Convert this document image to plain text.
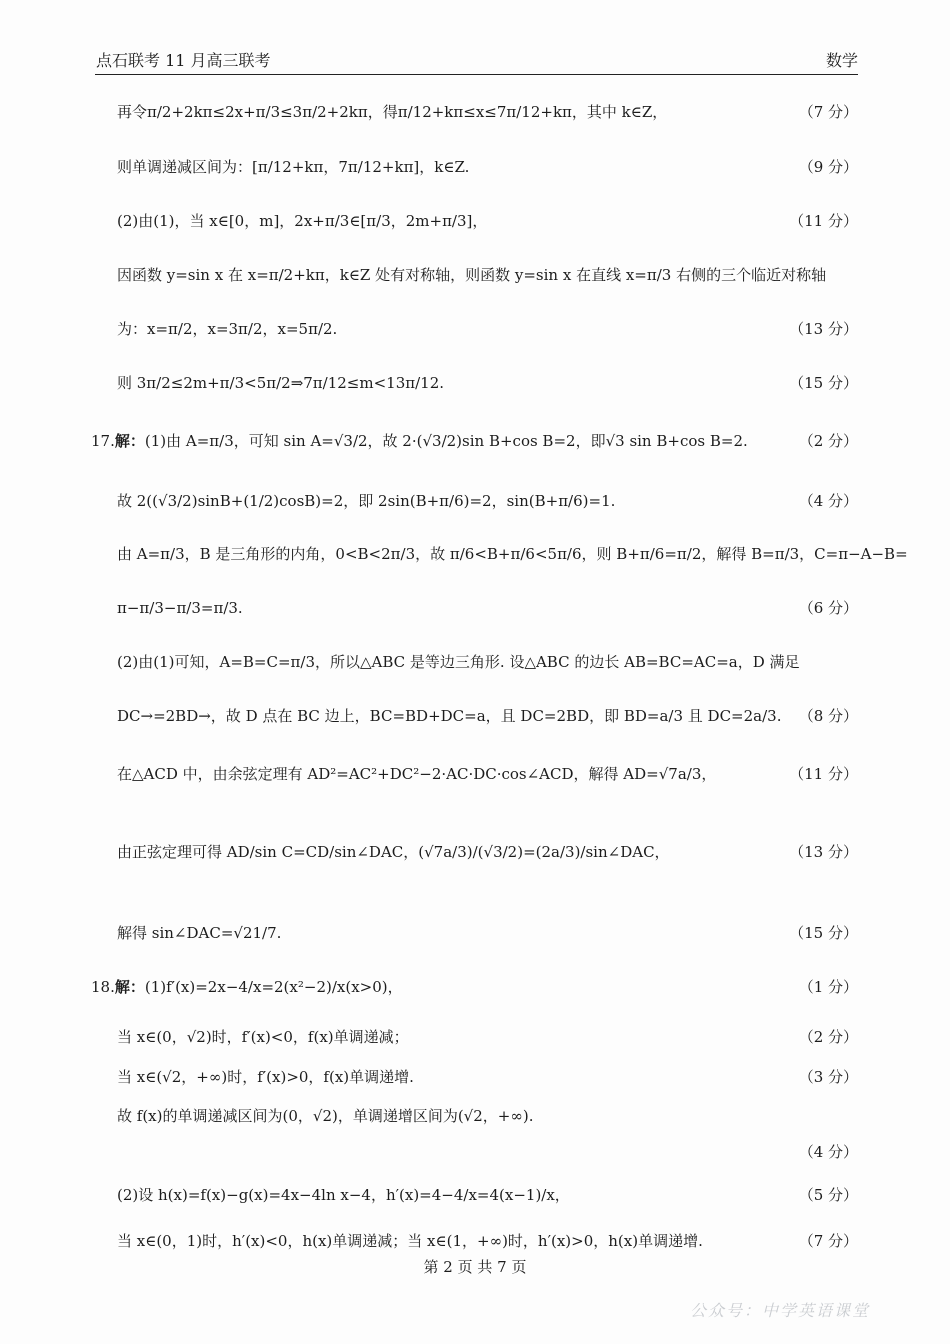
点石联考 11 月高三联考	数学
再令π/2+2kπ≤2x+π/3≤3π/2+2kπ，得π/12+kπ≤x≤7π/12+kπ，其中 k∈Z，	（7 分）
则单调递减区间为：[π/12+kπ，7π/12+kπ]，k∈Z.	（9 分）
(2)由(1)，当 x∈[0，m]，2x+π/3∈[π/3，2m+π/3]，	（11 分）
因函数 y=sin x 在 x=π/2+kπ，k∈Z 处有对称轴，则函数 y=sin x 在直线 x=π/3 右侧的三个临近对称轴
为：x=π/2，x=3π/2，x=5π/2.	（13 分）
则 3π/2≤2m+π/3<5π/2⇒7π/12≤m<13π/12.	（15 分）
17.解：(1)由 A=π/3，可知 sin A=√3/2，故 2·(√3/2)sin B+cos B=2，即√3 sin B+cos B=2.	（2 分）
故 2((√3/2)sinB+(1/2)cosB)=2，即 2sin(B+π/6)=2，sin(B+π/6)=1.	（4 分）
由 A=π/3，B 是三角形的内角，0<B<2π/3，故 π/6<B+π/6<5π/6，则 B+π/6=π/2，解得 B=π/3，C=π−A−B=
π−π/3−π/3=π/3.	（6 分）
(2)由(1)可知，A=B=C=π/3，所以△ABC 是等边三角形. 设△ABC 的边长 AB=BC=AC=a，D 满足
DC→=2BD→，故 D 点在 BC 边上，BC=BD+DC=a，且 DC=2BD，即 BD=a/3 且 DC=2a/3. （8 分）
在△ACD 中，由余弦定理有 AD²=AC²+DC²−2·AC·DC·cos∠ACD，解得 AD=√7a/3，	（11 分）
由正弦定理可得 AD/sin C=CD/sin∠DAC，(√7a/3)/(√3/2)=(2a/3)/sin∠DAC，	（13 分）
解得 sin∠DAC=√21/7.	（15 分）
18.解：(1)f′(x)=2x−4/x=2(x²−2)/x(x>0)，	（1 分）
当 x∈(0，√2)时，f′(x)<0，f(x)单调递减；	（2 分）
当 x∈(√2，+∞)时，f′(x)>0，f(x)单调递增.	（3 分）
故 f(x)的单调递减区间为(0，√2)，单调递增区间为(√2，+∞).
（4 分）
(2)设 h(x)=f(x)−g(x)=4x−4ln x−4，h′(x)=4−4/x=4(x−1)/x，	（5 分）
当 x∈(0，1)时，h′(x)<0，h(x)单调递减；当 x∈(1，+∞)时，h′(x)>0，h(x)单调递增.	（7 分）
第 2 页 共 7 页
公众号：中学英语课堂
